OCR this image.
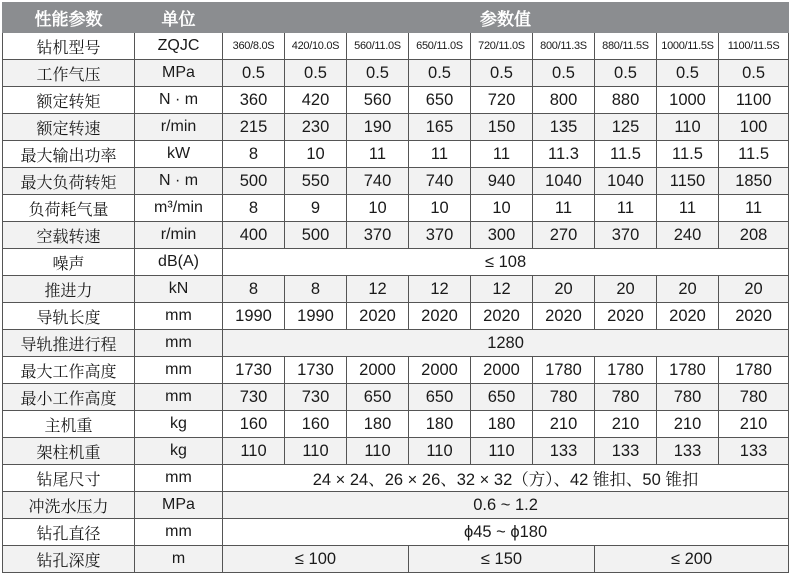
性能参数	单位	参数值								
钻机型号	ZQJC	360/8.0S	420/10.0S	560/11.0S	650/11.0S	720/11.0S	800/11.3S	880/11.5S	1000/11.5S	1100/11.5S
工作气压	MPa	0.5	0.5	0.5	0.5	0.5	0.5	0.5	0.5	0.5
额定转矩	N · m	360	420	560	650	720	800	880	1000	1100
额定转速	r/min	215	230	190	165	150	135	125	110	100
最大输出功率	kW	8	10	11	11	11	11.3	11.5	11.5	11.5
最大负荷转矩	N · m	500	550	740	740	940	1040	1040	1150	1850
负荷耗气量	m³/min	8	9	10	10	10	11	11	11	11
空载转速	r/min	400	500	370	370	300	270	370	240	208
噪声	dB(A)	≤ 108								
推进力	kN	8	8	12	12	12	20	20	20	20
导轨长度	mm	1990	1990	2020	2020	2020	2020	2020	2020	2020
导轨推进行程	mm	1280								
最大工作高度	mm	1730	1730	2000	2000	2000	1780	1780	1780	1780
最小工作高度	mm	730	730	650	650	650	780	780	780	780
主机重	kg	160	160	180	180	180	210	210	210	210
架柱机重	kg	110	110	110	110	110	133	133	133	133
钻尾尺寸	mm	24 × 24、26 × 26、32 × 32（方）、42 锥扣、50 锥扣								
冲洗水压力	MPa	0.6 ~ 1.2								
钻孔直径	mm	ϕ45 ~ ϕ180								
钻孔深度	m	≤ 100			≤ 150			≤ 200		
